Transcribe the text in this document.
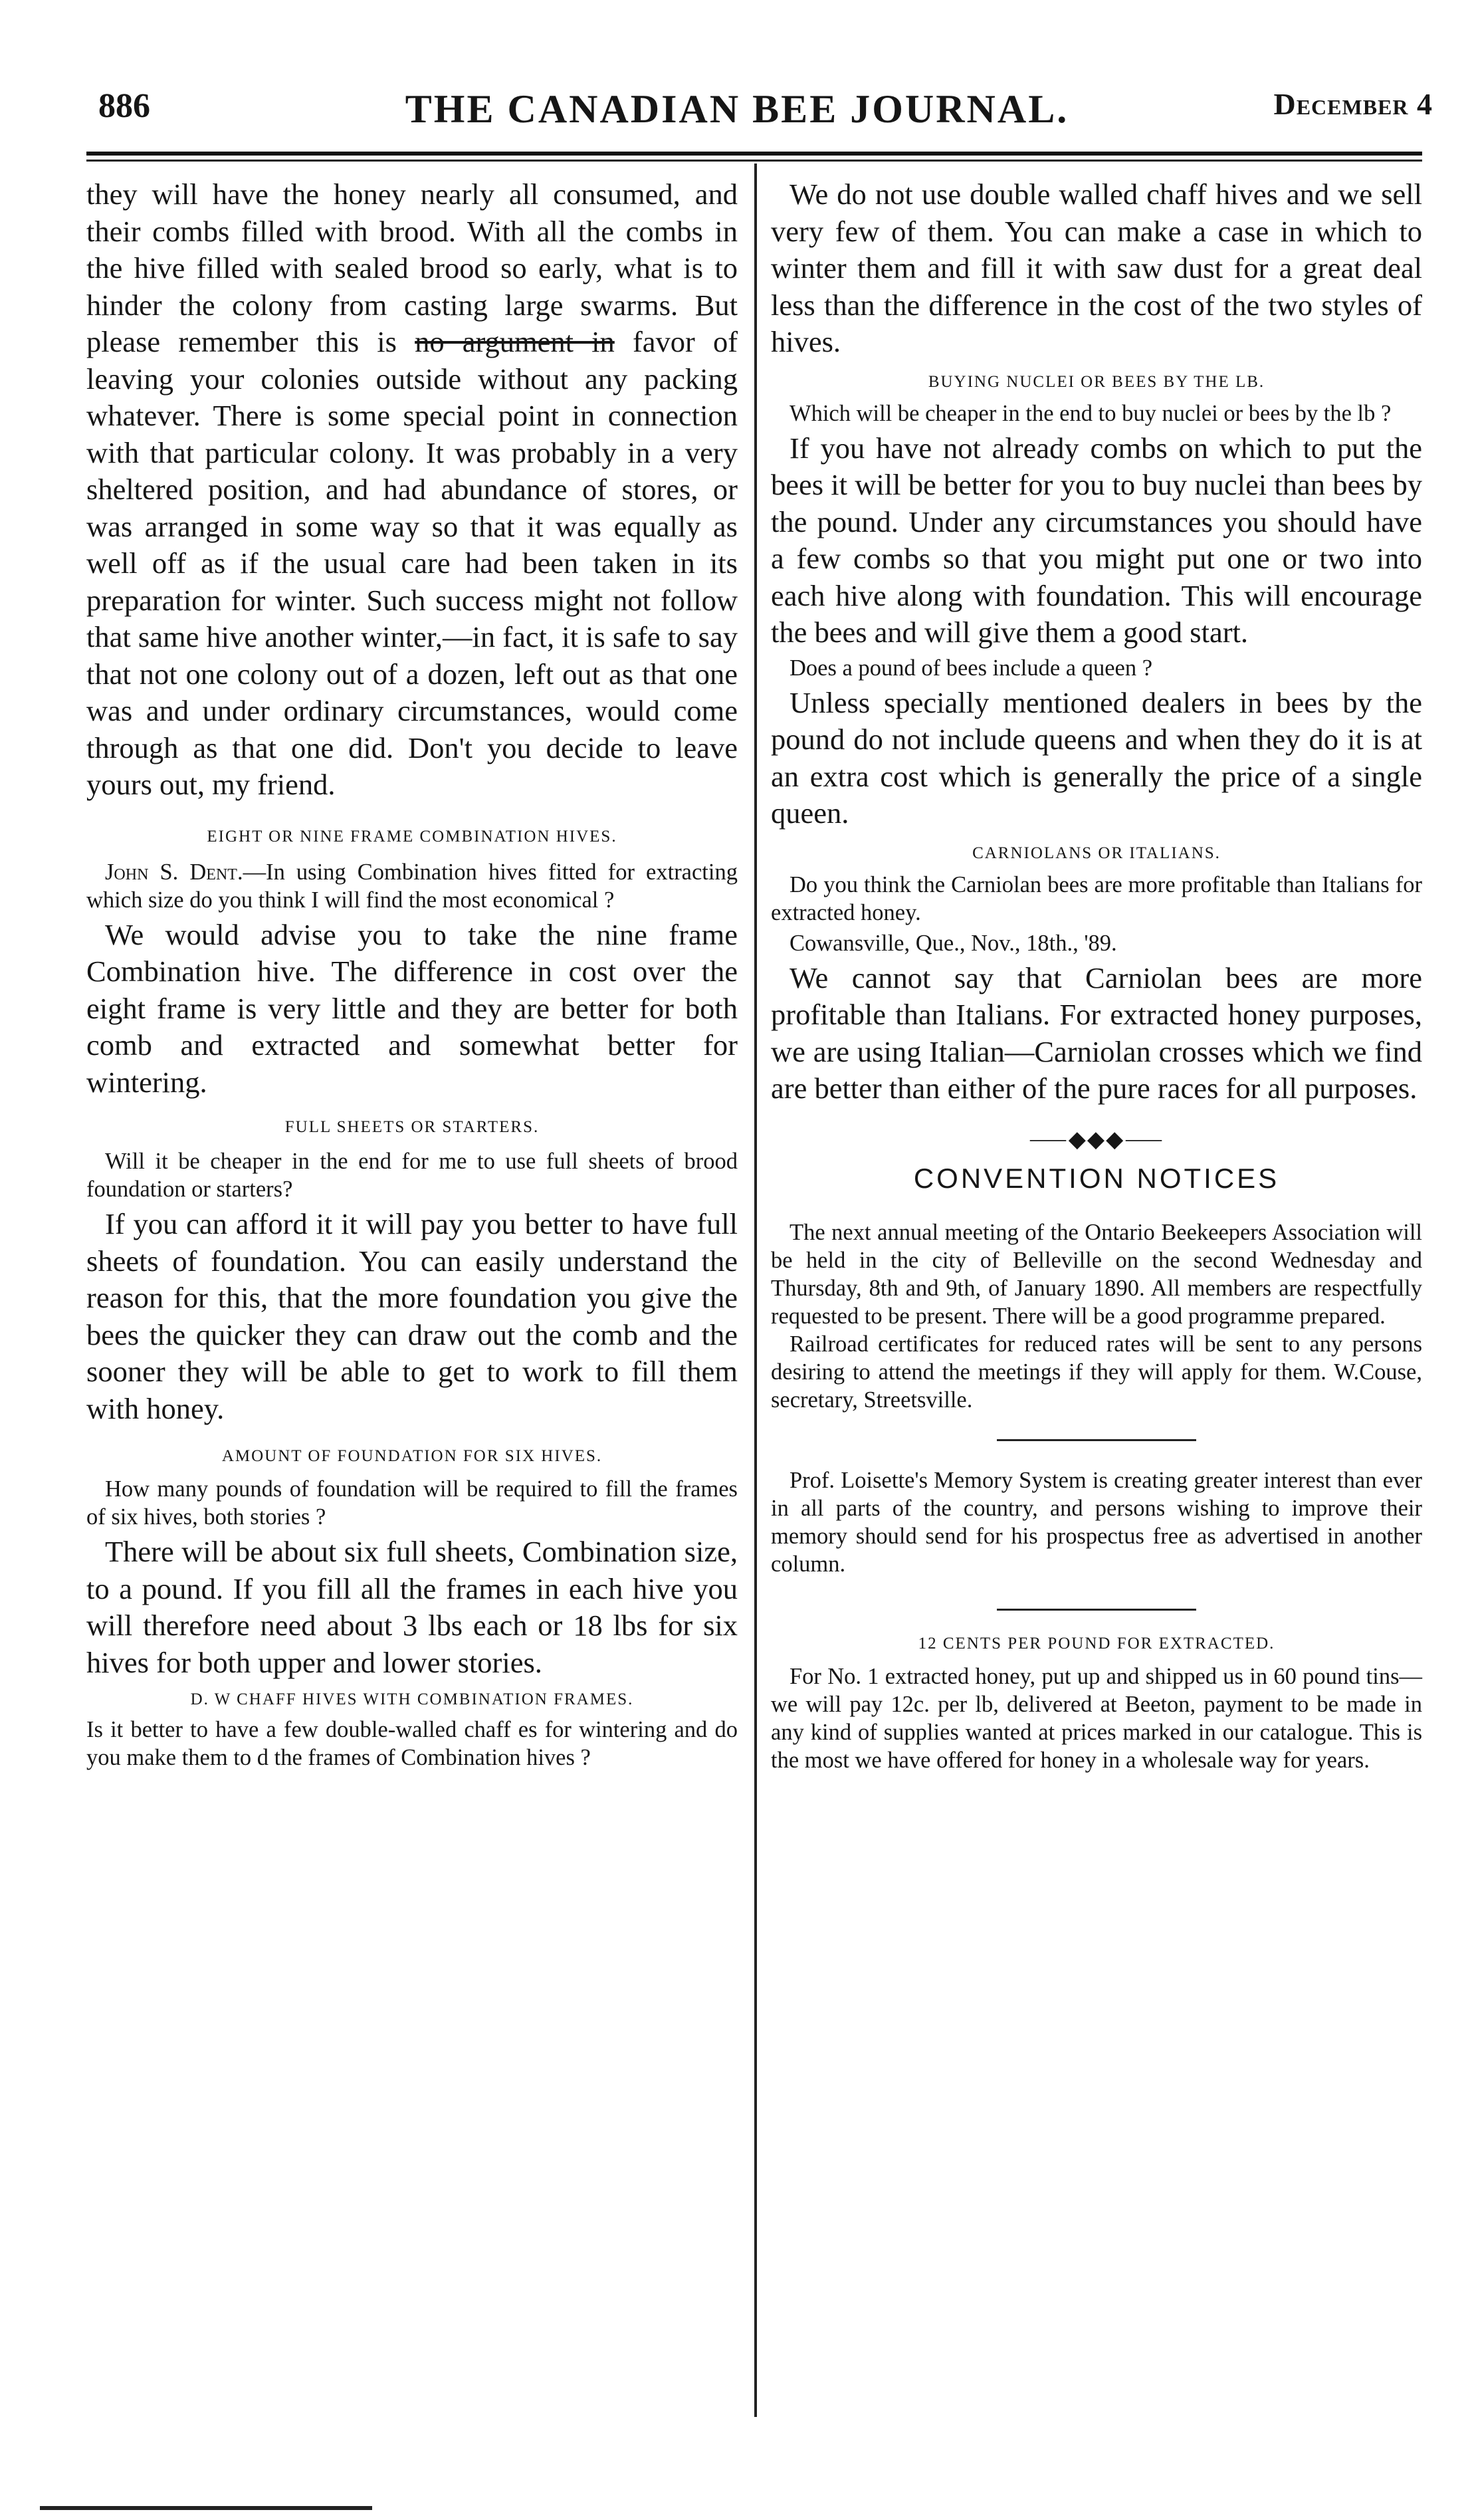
886	THE CANADIAN BEE JOURNAL.	December 4

they will have the honey nearly all consumed, and their combs filled with brood. With all the combs in the hive filled with sealed brood so early, what is to hinder the colony from casting large swarms. But please remember this is no argument in favor of leaving your colonies outside without any packing whatever. There is some special point in connection with that particular colony. It was probably in a very sheltered position, and had abundance of stores, or was arranged in some way so that it was equally as well off as if the usual care had been taken in its preparation for winter. Such success might not follow that same hive another winter,—in fact, it is safe to say that not one colony out of a dozen, left out as that one was and under ordinary circumstances, would come through as that one did. Don't you decide to leave yours out, my friend.

EIGHT OR NINE FRAME COMBINATION HIVES.

John S. Dent.—In using Combination hives fitted for extracting which size do you think I will find the most economical ?

We would advise you to take the nine frame Combination hive. The difference in cost over the eight frame is very little and they are better for both comb and extracted and somewhat better for wintering.

FULL SHEETS OR STARTERS.

Will it be cheaper in the end for me to use full sheets of brood foundation or starters?

If you can afford it it will pay you better to have full sheets of foundation. You can easily understand the reason for this, that the more foundation you give the bees the quicker they can draw out the comb and the sooner they will be able to get to work to fill them with honey.

AMOUNT OF FOUNDATION FOR SIX HIVES.

How many pounds of foundation will be required to fill the frames of six hives, both stories ?

There will be about six full sheets, Combination size, to a pound. If you fill all the frames in each hive you will therefore need about 3 lbs each or 18 lbs for six hives for both upper and lower stories.

D. W CHAFF HIVES WITH COMBINATION FRAMES.

Is it better to have a few double-walled chaff es for wintering and do you make them to d the frames of Combination hives ?

We do not use double walled chaff hives and we sell very few of them. You can make a case in which to winter them and fill it with saw dust for a great deal less than the difference in the cost of the two styles of hives.

BUYING NUCLEI OR BEES BY THE LB.

Which will be cheaper in the end to buy nuclei or bees by the lb ?

If you have not already combs on which to put the bees it will be better for you to buy nuclei than bees by the pound. Under any circumstances you should have a few combs so that you might put one or two into each hive along with foundation. This will encourage the bees and will give them a good start.

Does a pound of bees include a queen ?

Unless specially mentioned dealers in bees by the pound do not include queens and when they do it is at an extra cost which is generally the price of a single queen.

CARNIOLANS OR ITALIANS.

Do you think the Carniolan bees are more profitable than Italians for extracted honey.

Cowansville, Que., Nov., 18th., '89.

We cannot say that Carniolan bees are more profitable than Italians. For extracted honey purposes, we are using Italian—Carniolan crosses which we find are better than either of the pure races for all purposes.

⸺◆◆◆⸺

CONVENTION NOTICES

The next annual meeting of the Ontario Beekeepers Association will be held in the city of Belleville on the second Wednesday and Thursday, 8th and 9th, of January 1890. All members are respectfully requested to be present. There will be a good programme prepared.

Railroad certificates for reduced rates will be sent to any persons desiring to attend the meetings if they will apply for them. W.Couse, secretary, Streetsville.

Prof. Loisette's Memory System is creating greater interest than ever in all parts of the country, and persons wishing to improve their memory should send for his prospectus free as advertised in another column.

12 CENTS PER POUND FOR EXTRACTED.

For No. 1 extracted honey, put up and shipped us in 60 pound tins—we will pay 12c. per lb, delivered at Beeton, payment to be made in any kind of supplies wanted at prices marked in our catalogue. This is the most we have offered for honey in a wholesale way for years.
